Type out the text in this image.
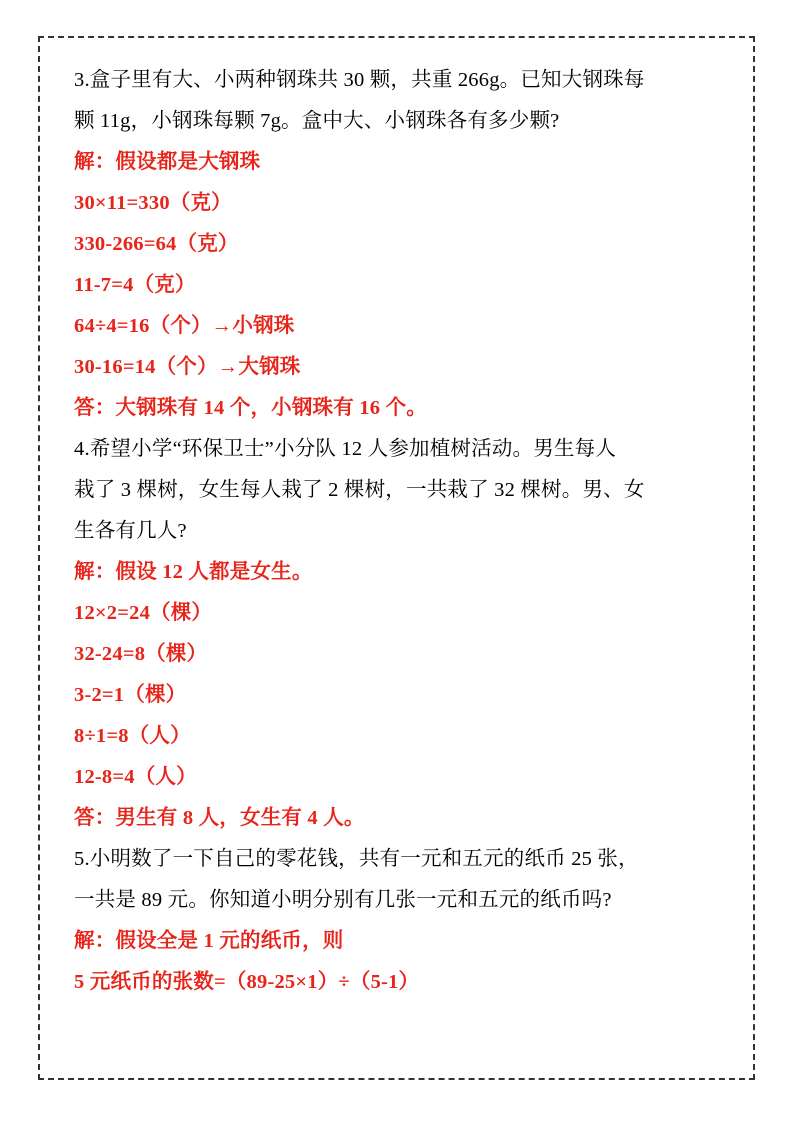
3.盒子里有大、小两种钢珠共 30 颗，共重 266g。已知大钢珠每
颗 11g，小钢珠每颗 7g。盒中大、小钢珠各有多少颗?
解：假设都是大钢珠
30×11=330（克）
330-266=64（克）
11-7=4（克）
64÷4=16（个）→小钢珠
30-16=14（个）→大钢珠
答：大钢珠有 14 个，小钢珠有 16 个。
4.希望小学“环保卫士”小分队 12 人参加植树活动。男生每人
栽了 3 棵树，女生每人栽了 2 棵树，一共栽了 32 棵树。男、女
生各有几人?
解：假设 12 人都是女生。
12×2=24（棵）
32-24=8（棵）
3-2=1（棵）
8÷1=8（人）
12-8=4（人）
答：男生有 8 人，女生有 4 人。
5.小明数了一下自己的零花钱，共有一元和五元的纸币 25 张，
一共是 89 元。你知道小明分别有几张一元和五元的纸币吗?
解：假设全是 1 元的纸币，则
5 元纸币的张数=（89-25×1）÷（5-1）
